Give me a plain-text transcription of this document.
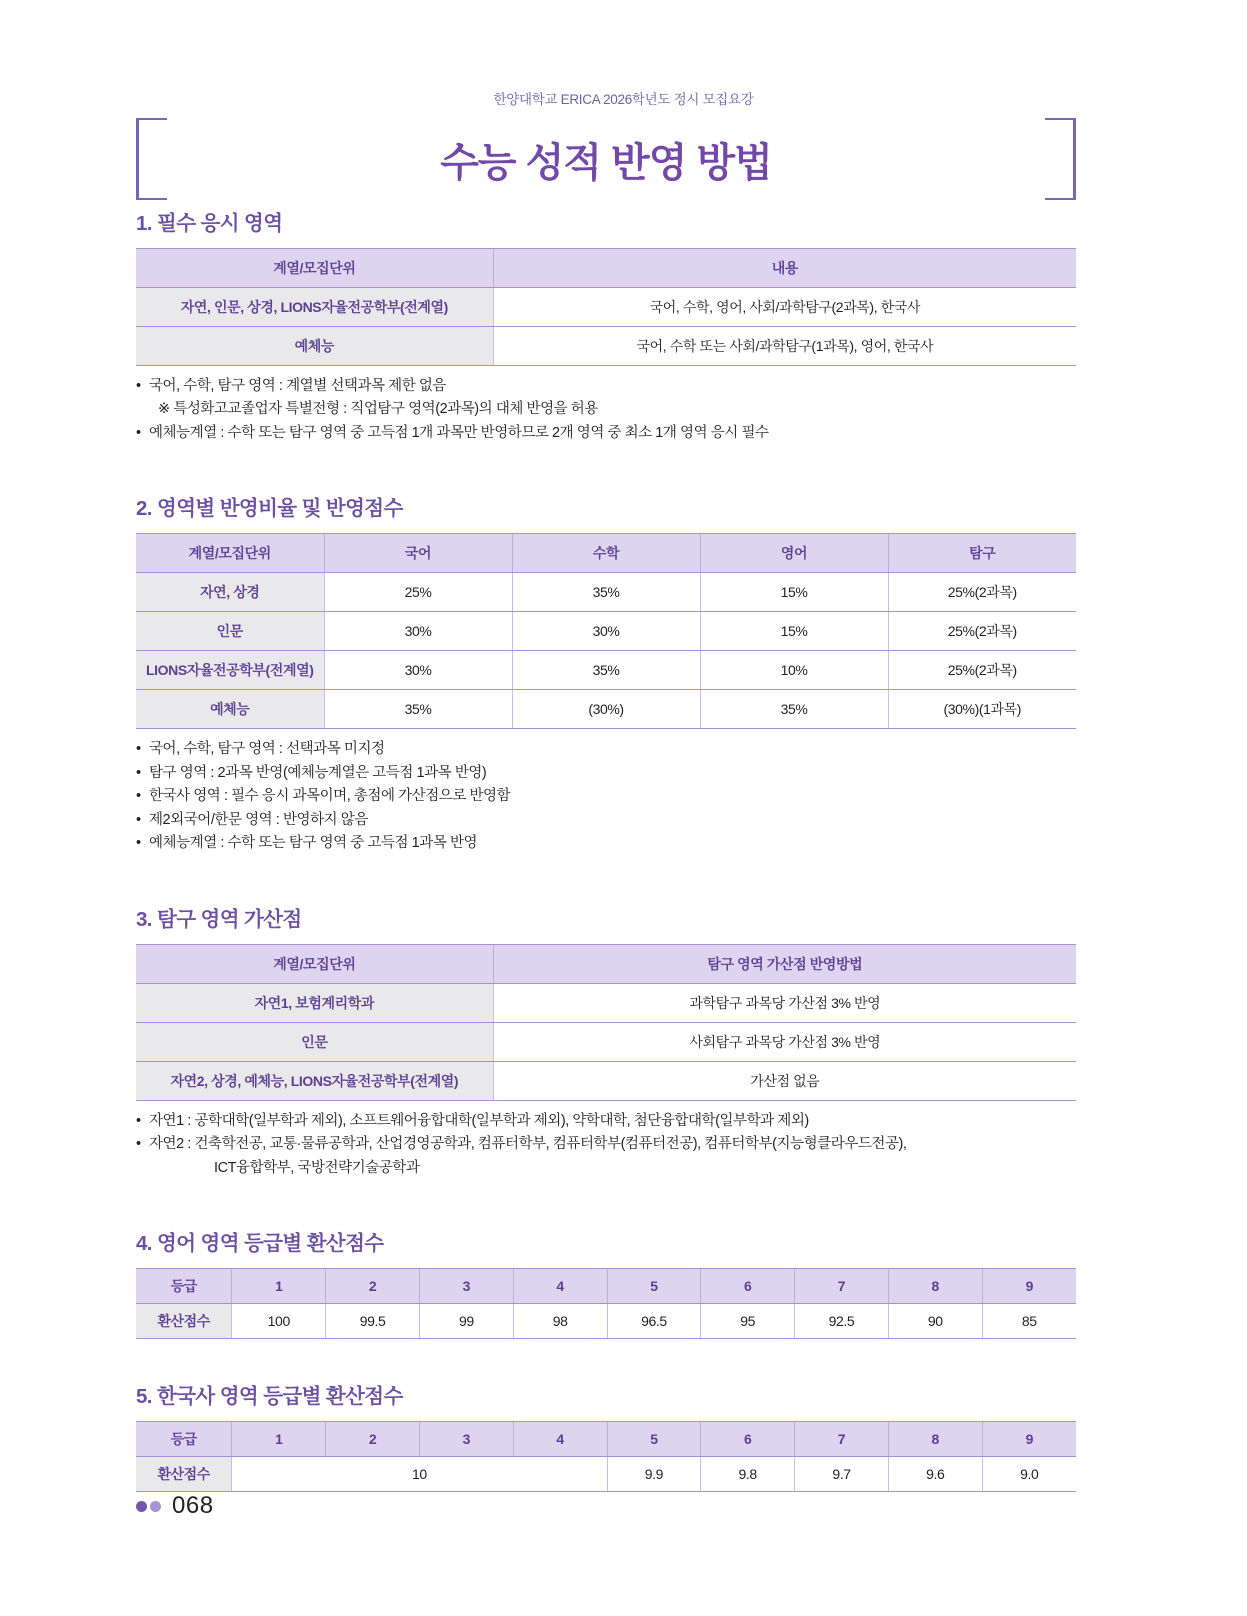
한양대학교 ERICA 2026학년도 정시 모집요강
수능 성적 반영 방법
1. 필수 응시 영역
계열/모집단위	내용
자연, 인문, 상경, LIONS자율전공학부(전계열)	국어, 수학, 영어, 사회/과학탐구(2과목), 한국사
예체능	국어, 수학 또는 사회/과학탐구(1과목), 영어, 한국사
• 국어, 수학, 탐구 영역 : 계열별 선택과목 제한 없음
※ 특성화고교졸업자 특별전형 : 직업탐구 영역(2과목)의 대체 반영을 허용
• 예체능계열 : 수학 또는 탐구 영역 중 고득점 1개 과목만 반영하므로 2개 영역 중 최소 1개 영역 응시 필수
2. 영역별 반영비율 및 반영점수
계열/모집단위	국어	수학	영어	탐구
자연, 상경	25%	35%	15%	25%(2과목)
인문	30%	30%	15%	25%(2과목)
LIONS자율전공학부(전계열)	30%	35%	10%	25%(2과목)
예체능	35%	(30%)	35%	(30%)(1과목)
• 국어, 수학, 탐구 영역 : 선택과목 미지정
• 탐구 영역 : 2과목 반영(예체능계열은 고득점 1과목 반영)
• 한국사 영역 : 필수 응시 과목이며, 총점에 가산점으로 반영함
• 제2외국어/한문 영역 : 반영하지 않음
• 예체능계열 : 수학 또는 탐구 영역 중 고득점 1과목 반영
3. 탐구 영역 가산점
계열/모집단위	탐구 영역 가산점 반영방법
자연1, 보험계리학과	과학탐구 과목당 가산점 3% 반영
인문	사회탐구 과목당 가산점 3% 반영
자연2, 상경, 예체능, LIONS자율전공학부(전계열)	가산점 없음
• 자연1 : 공학대학(일부학과 제외), 소프트웨어융합대학(일부학과 제외), 약학대학, 첨단융합대학(일부학과 제외)
• 자연2 : 건축학전공, 교통·물류공학과, 산업경영공학과, 컴퓨터학부, 컴퓨터학부(컴퓨터전공), 컴퓨터학부(지능형클라우드전공),
ICT융합학부, 국방전략기술공학과
4. 영어 영역 등급별 환산점수
등급	1	2	3	4	5	6	7	8	9
환산점수	100	99.5	99	98	96.5	95	92.5	90	85
5. 한국사 영역 등급별 환산점수
등급	1	2	3	4	5	6	7	8	9
환산점수	10				9.9	9.8	9.7	9.6	9.0
068
